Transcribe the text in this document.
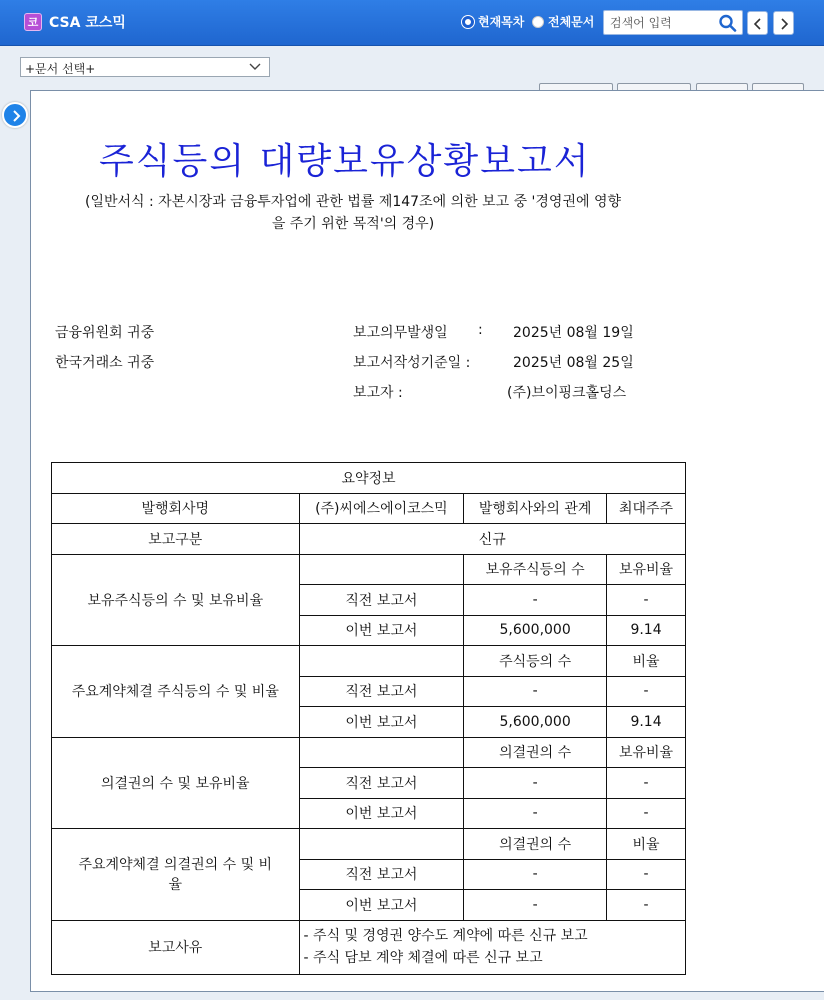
코 CSA 코스믹	현재목차 전체문서
검색어 입력
+문서 선택+
주식등의 대량보유상황보고서
(일반서식 : 자본시장과 금융투자업에 관한 법률 제147조에 의한 보고 중 '경영권에 영향
을 주기 위한 목적'의 경우)
금융위원회 귀중
한국거래소 귀중
보고의무발생일 : 2025년 08월 19일
보고서작성기준일 :	2025년 08월 25일
보고자 :	(주)브이핑크홀딩스
요약정보			
발행회사명	(주)씨에스에이코스믹	발행회사와의 관계	최대주주
보고구분	신규		
보유주식등의 수 및 보유비율		보유주식등의 수	보유비율
	직전 보고서	-	-
	이번 보고서	5,600,000	9.14
주요계약체결 주식등의 수 및 비율		주식등의 수	비율
	직전 보고서	-	-
	이번 보고서	5,600,000	9.14
의결권의 수 및 보유비율		의결권의 수	보유비율
	직전 보고서	-	-
	이번 보고서	-	-
주요계약체결 의결권의 수 및 비율		의결권의 수	비율
	직전 보고서	-	-
	이번 보고서	-	-
보고사유	- 주식 및 경영권 양수도 계약에 따른 신규 보고
- 주식 담보 계약 체결에 따른 신규 보고		
